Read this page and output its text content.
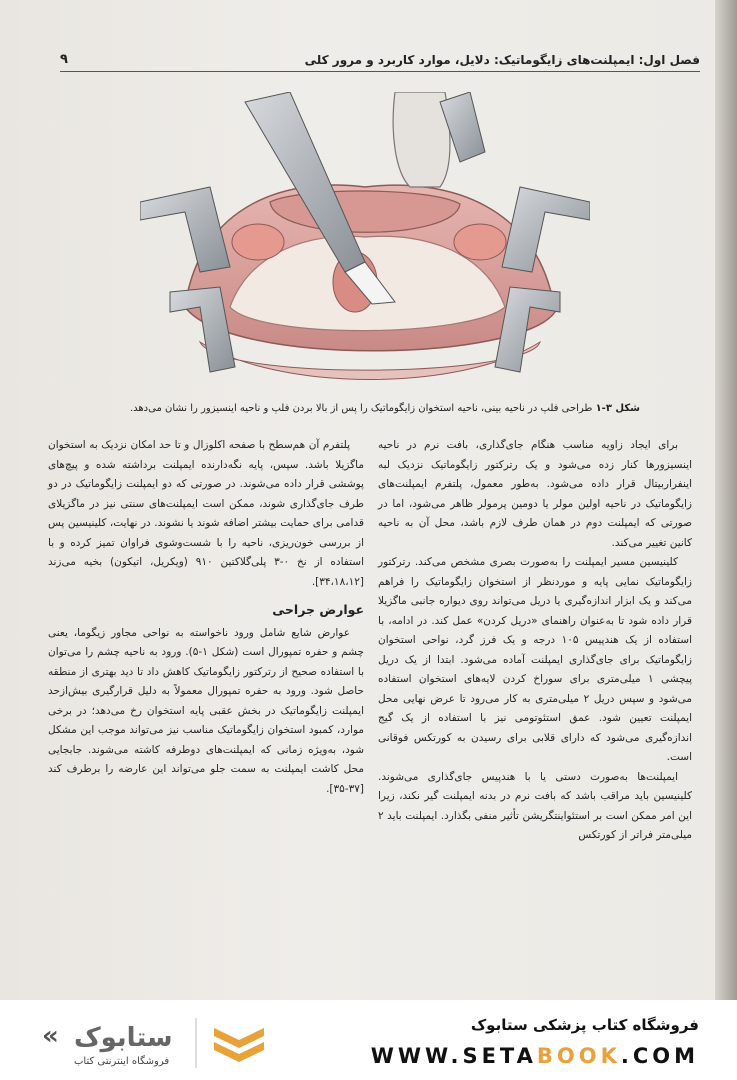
فصل اول: ایمپلنت‌های زایگوماتیک: دلایل، موارد کاربرد و مرور کلی
۹
شکل ۳-۱ طراحی فلپ در ناحیه بینی، ناحیه استخوان زایگوماتیک را پس از بالا بردن فلپ و ناحیه اینسیزور را نشان می‌دهد.

برای ایجاد زاویه مناسب هنگام جای‌گذاری، بافت نرم در ناحیه اینسیزورها کنار زده می‌شود و یک رترکتور زایگوماتیک نزدیک لبه اینفراربیتال قرار داده می‌شود. به‌طور معمول، پلتفرم ایمپلنت‌های زایگوماتیک در ناحیه اولین مولر یا دومین پرمولر ظاهر می‌شود، اما در صورتی که ایمپلنت دوم در همان طرف لازم باشد، محل آن به ناحیه کانین تغییر می‌کند.

کلینیسین مسیر ایمپلنت را به‌صورت بصری مشخص می‌کند. رترکتور زایگوماتیک نمایی پایه و موردنظر از استخوان زایگوماتیک را فراهم می‌کند و یک ابزار اندازه‌گیری یا دریل می‌تواند روی دیواره جانبی ماگزیلا قرار داده شود تا به‌عنوان راهنمای «دریل کردن» عمل کند. در ادامه، با استفاده از یک هندپیس ۱۰۵ درجه و یک فرز گرد، نواحی استخوان زایگوماتیک برای جای‌گذاری ایمپلنت آماده می‌شود. ابتدا از یک دریل پیچشی ۱ میلی‌متری برای سوراخ کردن لایه‌های استخوان استفاده می‌شود و سپس دریل ۲ میلی‌متری به کار می‌رود تا عرض نهایی محل ایمپلنت تعیین شود. عمق استئوتومی نیز با استفاده از یک گیج اندازه‌گیری می‌شود که دارای قلابی برای رسیدن به کورتکس فوقانی است.

ایمپلنت‌ها به‌صورت دستی یا با هندپیس جای‌گذاری می‌شوند. کلینیسین باید مراقب باشد که بافت نرم در بدنه ایمپلنت گیر نکند، زیرا این امر ممکن است بر استئواینتگریشن تأثیر منفی بگذارد. ایمپلنت باید ۲ میلی‌متر فراتر از کورتکس

پلتفرم آن هم‌سطح با صفحه اکلوزال و تا حد امکان نزدیک به استخوان ماگزیلا باشد. سپس، پایه نگه‌دارنده ایمپلنت برداشته شده و پیچ‌های پوششی قرار داده می‌شوند. در صورتی که دو ایمپلنت زایگوماتیک در دو طرف جای‌گذاری شوند، ممکن است ایمپلنت‌های سنتی نیز در ماگزیلای قدامی برای حمایت بیشتر اضافه شوند یا نشوند. در نهایت، کلینیسین پس از بررسی خون‌ریزی، ناحیه را با شست‌وشوی فراوان تمیز کرده و با استفاده از نخ ۰-۳ پلی‌گلاکتین ۹۱۰ (ویکریل، اتیکون) بخیه می‌زند [۳۴،۱۸،۱۲].

عوارض جراحی

عوارض شایع شامل ورود ناخواسته به نواحی مجاور زیگوما، یعنی چشم و حفره تمپورال است (شکل ۱-۵). ورود به ناحیه چشم را می‌توان با استفاده صحیح از رترکتور زایگوماتیک کاهش داد تا دید بهتری از منطقه حاصل شود. ورود به حفره تمپورال معمولاً به دلیل قرارگیری بیش‌ازحد ایمپلنت زایگوماتیک در بخش عقبی پایه استخوان رخ می‌دهد؛ در برخی موارد، کمبود استخوان زایگوماتیک مناسب نیز می‌تواند موجب این مشکل شود، به‌ویژه زمانی که ایمپلنت‌های دوطرفه کاشته می‌شوند. جابجایی محل کاشت ایمپلنت به سمت جلو می‌تواند این عارضه را برطرف کند [۳۷-۳۵].

« ستابوک
فروشگاه اینترنتی کتاب
فروشگاه کتاب پزشکی ستابوک
WWW.SETABOOK.COM
